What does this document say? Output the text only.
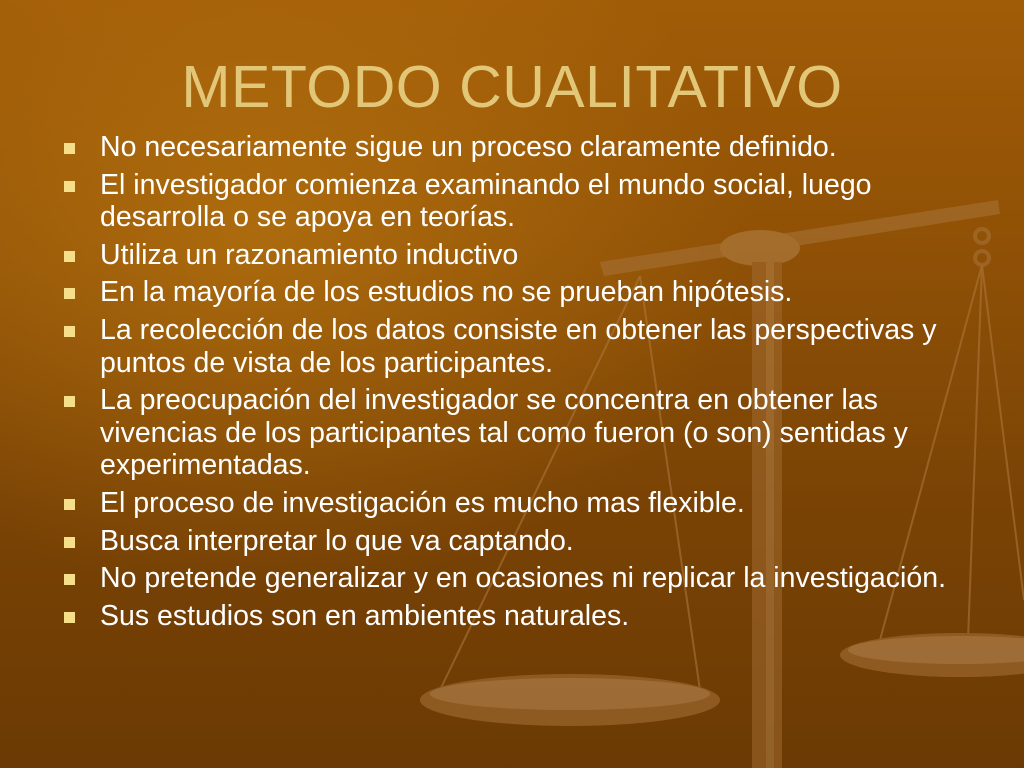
METODO CUALITATIVO
No necesariamente sigue un proceso claramente definido.
El investigador comienza examinando el mundo social, luego desarrolla o se apoya en teorías.
Utiliza un razonamiento inductivo
En la mayoría de los estudios no se prueban hipótesis.
La recolección de los datos consiste en obtener las perspectivas y puntos de vista de los participantes.
La preocupación del investigador se concentra en obtener las vivencias de los participantes tal como fueron (o son) sentidas y experimentadas.
El proceso de investigación es mucho mas flexible.
Busca interpretar lo que va captando.
No pretende generalizar y en ocasiones ni replicar la investigación.
Sus estudios son en ambientes naturales.
